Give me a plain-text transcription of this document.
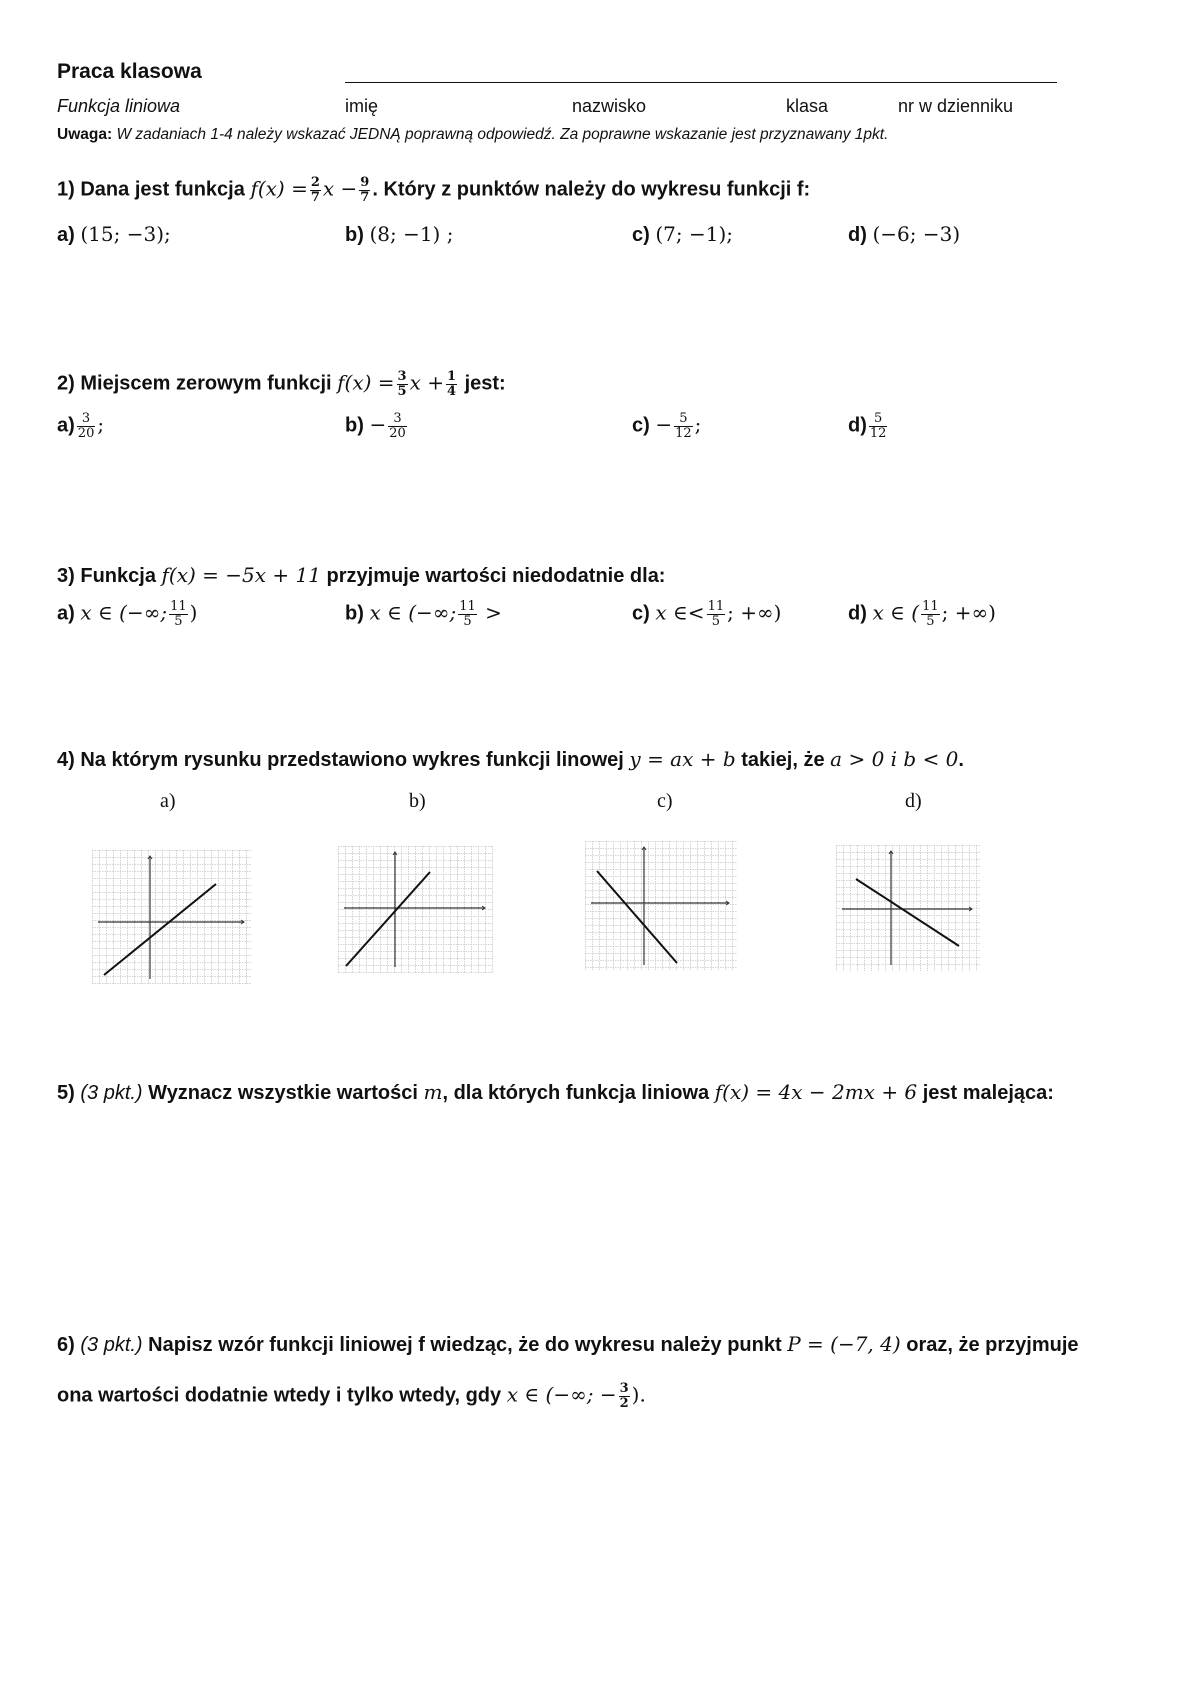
Praca klasowa
Funkcja liniowa	imię	nazwisko	klasa	nr w dzienniku
Uwaga: W zadaniach 1-4 należy wskazać JEDNĄ poprawną odpowiedź. Za poprawne wskazanie jest przyznawany 1pkt.
1) Dana jest funkcja $f(x) = \frac{2}{7}$ $x - \frac{9}{7}$ . Który z punktów należy do wykresu funkcji f:
a) (15; −3);	b) (8; −1) ;	c) (7; −1);	d) (−6; −3)
2) Miejscem zerowym funkcji $f(x) = \frac{3}{5}$ $x + \frac{1}{4}$ jest:
$a) \frac{3}{20}$ ;	$b) - \frac{3}{20}$	$c) - \frac{5}{12}$ ;	$d) \frac{5}{12}$
3) Funkcja f(x) = −5x + 11 przyjmuje wartości niedodatnie dla:
a) x ∈ (−∞; $\frac{11}{5}$ )	b) x ∈ (−∞; $\frac{11}{5}$ >	c) x ∈< $\frac{11}{5}$ ; +∞)	d) x ∈ ( $\frac{11}{5}$ ; +∞)
4) Na którym rysunku przedstawiono wykres funkcji linowej y = ax + b takiej, że a > 0 i b < 0.
a)	b)	c)	d)
5) (3 pkt.) Wyznacz wszystkie wartości m, dla których funkcja liniowa f(x) = 4x − 2mx + 6 jest malejąca:
6) (3 pkt.) Napisz wzór funkcji liniowej f wiedząc, że do wykresu należy punkt P = (−7, 4) oraz, że przyjmuje
ona wartości dodatnie wtedy i tylko wtedy, gdy x ∈ (−∞; − $\frac{3}{2}$ ).
